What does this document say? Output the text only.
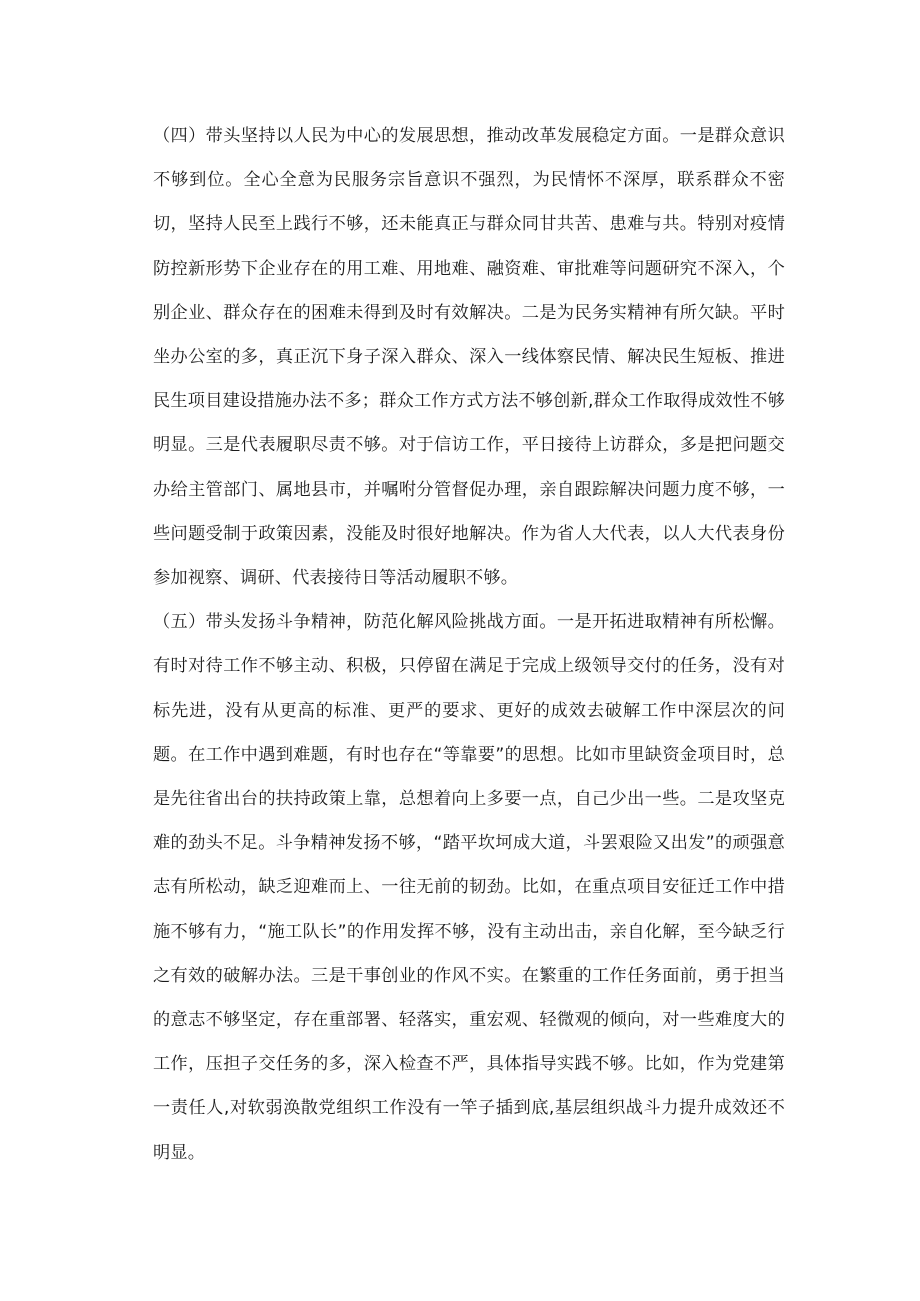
（四）带头坚持以人民为中心的发展思想，推动改革发展稳定方面。一是群众意识不够到位。全心全意为民服务宗旨意识不强烈，为民情怀不深厚，联系群众不密切，坚持人民至上践行不够，还未能真正与群众同甘共苦、患难与共。特别对疫情防控新形势下企业存在的用工难、用地难、融资难、审批难等问题研究不深入，个别企业、群众存在的困难未得到及时有效解决。二是为民务实精神有所欠缺。平时坐办公室的多，真正沉下身子深入群众、深入一线体察民情、解决民生短板、推进民生项目建设措施办法不多；群众工作方式方法不够创新,群众工作取得成效性不够明显。三是代表履职尽责不够。对于信访工作，平日接待上访群众，多是把问题交办给主管部门、属地县市，并嘱咐分管督促办理，亲自跟踪解决问题力度不够，一些问题受制于政策因素，没能及时很好地解决。作为省人大代表，以人大代表身份参加视察、调研、代表接待日等活动履职不够。

（五）带头发扬斗争精神，防范化解风险挑战方面。一是开拓进取精神有所松懈。有时对待工作不够主动、积极，只停留在满足于完成上级领导交付的任务，没有对标先进，没有从更高的标准、更严的要求、更好的成效去破解工作中深层次的问题。在工作中遇到难题，有时也存在“等靠要”的思想。比如市里缺资金项目时，总是先往省出台的扶持政策上靠，总想着向上多要一点，自己少出一些。二是攻坚克难的劲头不足。斗争精神发扬不够，“踏平坎坷成大道，斗罢艰险又出发”的顽强意志有所松动，缺乏迎难而上、一往无前的韧劲。比如，在重点项目安征迁工作中措施不够有力，“施工队长”的作用发挥不够，没有主动出击，亲自化解，至今缺乏行之有效的破解办法。三是干事创业的作风不实。在繁重的工作任务面前，勇于担当的意志不够坚定，存在重部署、轻落实，重宏观、轻微观的倾向，对一些难度大的工作，压担子交任务的多，深入检查不严，具体指导实践不够。比如，作为党建第一责任人,对软弱涣散党组织工作没有一竿子插到底,基层组织战斗力提升成效还不明显。
